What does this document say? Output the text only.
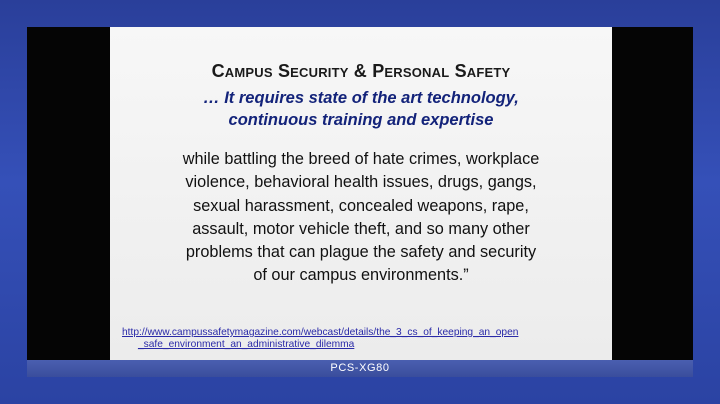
Campus Security & Personal Safety
… It requires state of the art technology,
continuous training and expertise
while battling the breed of hate crimes, workplace
violence, behavioral health issues, drugs, gangs,
sexual harassment, concealed weapons, rape,
assault, motor vehicle theft, and so many other
problems that can plague the safety and security
of our campus environments.”
http://www.campussafetymagazine.com/webcast/details/the_3_cs_of_keeping_an_open
_safe_environment_an_administrative_dilemma
PCS-XG80
